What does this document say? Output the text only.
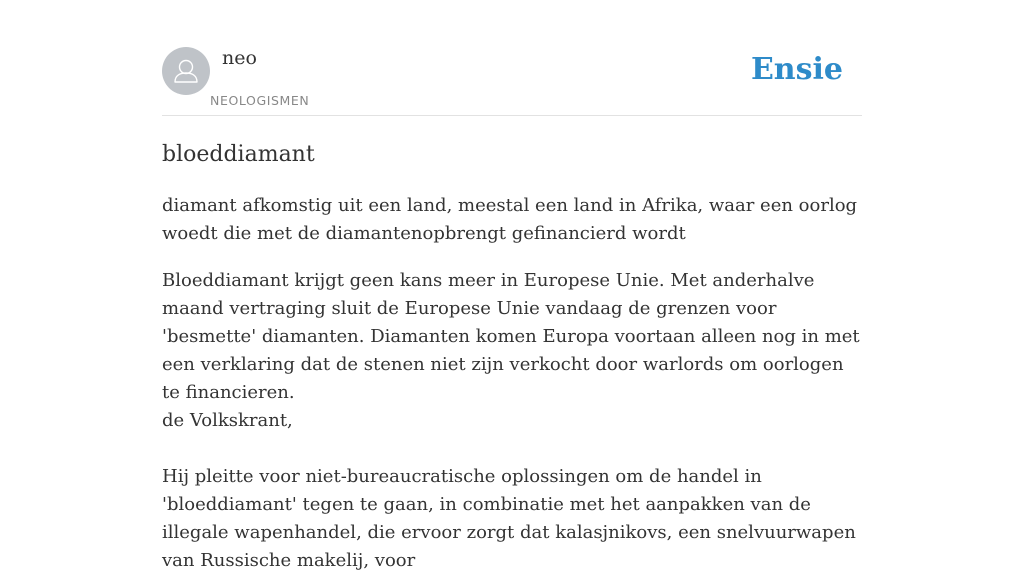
neo
NEOLOGISMEN
Ensie
bloeddiamant

diamant afkomstig uit een land, meestal een land in Afrika, waar een oorlog woedt die met de diamantenopbrengt gefinancierd wordt

Bloeddiamant krijgt geen kans meer in Europese Unie. Met anderhalve maand vertraging sluit de Europese Unie vandaag de grenzen voor 'besmette' diamanten. Diamanten komen Europa voortaan alleen nog in met een verklaring dat de stenen niet zijn verkocht door warlords om oorlogen te financieren.
de Volkskrant,

Hij pleitte voor niet-bureaucratische oplossingen om de handel in 'bloeddiamant' tegen te gaan, in combinatie met het aanpakken van de illegale wapenhandel, die ervoor zorgt dat kalasjnikovs, een snelvuurwapen van Russische makelij, voor
